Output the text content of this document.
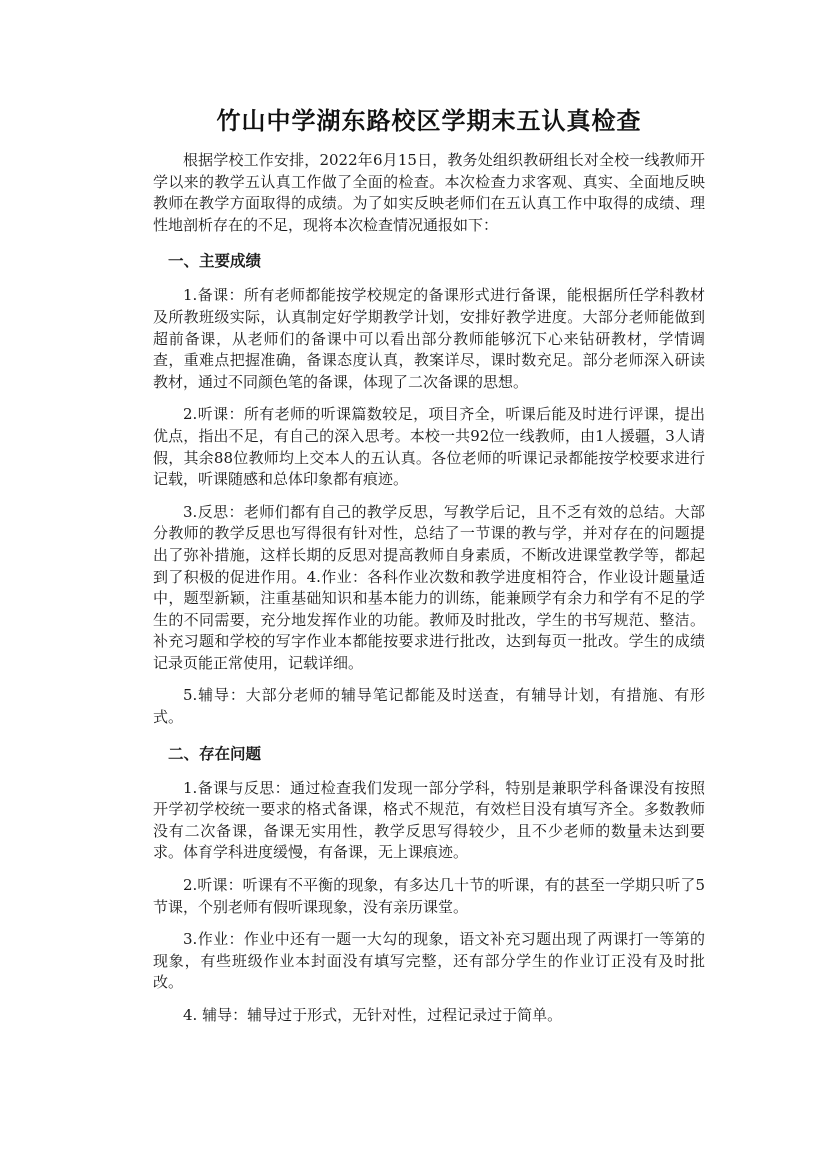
竹山中学湖东路校区学期末五认真检查

根据学校工作安排，2022年6月15日，教务处组织教研组长对全校一线教师开学以来的教学五认真工作做了全面的检查。本次检查力求客观、真实、全面地反映教师在教学方面取得的成绩。为了如实反映老师们在五认真工作中取得的成绩、理性地剖析存在的不足，现将本次检查情况通报如下：

一、主要成绩

1.备课：所有老师都能按学校规定的备课形式进行备课，能根据所任学科教材及所教班级实际，认真制定好学期教学计划，安排好教学进度。大部分老师能做到超前备课，从老师们的备课中可以看出部分教师能够沉下心来钻研教材，学情调查，重难点把握准确，备课态度认真，教案详尽，课时数充足。部分老师深入研读教材，通过不同颜色笔的备课，体现了二次备课的思想。

2.听课：所有老师的听课篇数较足，项目齐全，听课后能及时进行评课，提出优点，指出不足，有自己的深入思考。本校一共92位一线教师，由1人援疆，3人请假，其余88位教师均上交本人的五认真。各位老师的听课记录都能按学校要求进行记载，听课随感和总体印象都有痕迹。

3.反思：老师们都有自己的教学反思，写教学后记，且不乏有效的总结。大部分教师的教学反思也写得很有针对性，总结了一节课的教与学，并对存在的问题提出了弥补措施，这样长期的反思对提高教师自身素质，不断改进课堂教学等，都起到了积极的促进作用。4.作业：各科作业次数和教学进度相符合，作业设计题量适中，题型新颖，注重基础知识和基本能力的训练，能兼顾学有余力和学有不足的学生的不同需要，充分地发挥作业的功能。教师及时批改，学生的书写规范、整洁。补充习题和学校的写字作业本都能按要求进行批改，达到每页一批改。学生的成绩记录页能正常使用，记载详细。

5.辅导：大部分老师的辅导笔记都能及时送查，有辅导计划，有措施、有形式。

二、存在问题

1.备课与反思：通过检查我们发现一部分学科，特别是兼职学科备课没有按照开学初学校统一要求的格式备课，格式不规范，有效栏目没有填写齐全。多数教师没有二次备课，备课无实用性，教学反思写得较少，且不少老师的数量未达到要求。体育学科进度缓慢，有备课，无上课痕迹。

2.听课：听课有不平衡的现象，有多达几十节的听课，有的甚至一学期只听了5节课，个别老师有假听课现象，没有亲历课堂。

3.作业：作业中还有一题一大勾的现象，语文补充习题出现了两课打一等第的现象，有些班级作业本封面没有填写完整，还有部分学生的作业订正没有及时批改。

4. 辅导：辅导过于形式，无针对性，过程记录过于简单。
